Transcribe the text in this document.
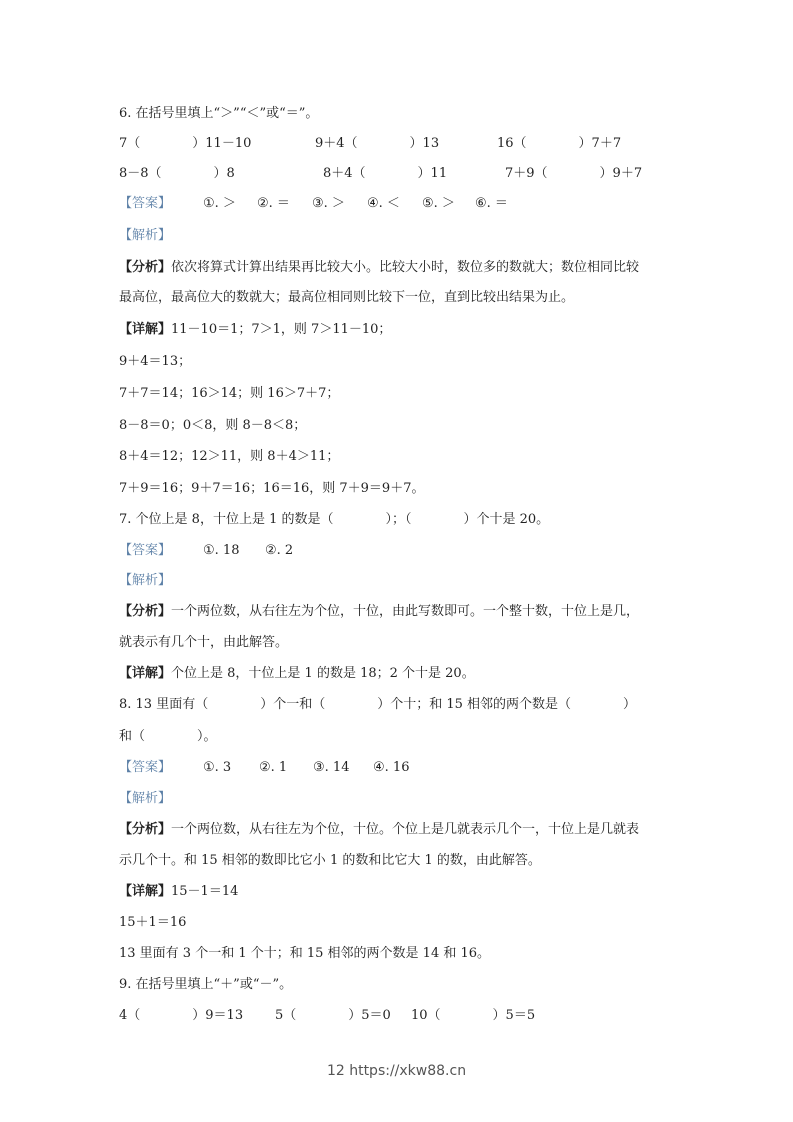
6. 在括号里填上“＞”“＜”或“＝”。
7（　　　　）11－10	9＋4（　　　　）13	16（　　　　）7＋7
8－8（　　　　）8	8＋4（　　　　）11	7＋9（　　　　）9＋7
【答案】 ①. ＞ ②. ＝ ③. ＞ ④. ＜ ⑤. ＞ ⑥. ＝
【解析】
【分析】依次将算式计算出结果再比较大小。比较大小时，数位多的数就大；数位相同比较
最高位，最高位大的数就大；最高位相同则比较下一位，直到比较出结果为止。
【详解】11－10＝1；7＞1，则 7＞11－10；
9＋4＝13；
7＋7＝14；16＞14；则 16＞7＋7；
8－8＝0；0＜8，则 8－8＜8；
8＋4＝12；12＞11，则 8＋4＞11；
7＋9＝16；9＋7＝16；16＝16，则 7＋9＝9＋7。
7. 个位上是 8，十位上是 1 的数是（　　　　）；（　　　　）个十是 20。
【答案】 ①. 18 ②. 2
【解析】
【分析】一个两位数，从右往左为个位，十位，由此写数即可。一个整十数，十位上是几，
就表示有几个十，由此解答。
【详解】个位上是 8，十位上是 1 的数是 18；2 个十是 20。
8. 13 里面有（　　　　）个一和（　　　　）个十；和 15 相邻的两个数是（　　　　）
和（　　　　）。
【答案】 ①. 3 ②. 1 ③. 14 ④. 16
【解析】
【分析】一个两位数，从右往左为个位，十位。个位上是几就表示几个一，十位上是几就表
示几个十。和 15 相邻的数即比它小 1 的数和比它大 1 的数，由此解答。
【详解】15－1＝14
15＋1＝16
13 里面有 3 个一和 1 个十；和 15 相邻的两个数是 14 和 16。
9. 在括号里填上“＋”或“－”。
4（　　　　）9＝13 5（　　　　）5＝0 10（　　　　）5＝5
12 https://xkw88.cn
